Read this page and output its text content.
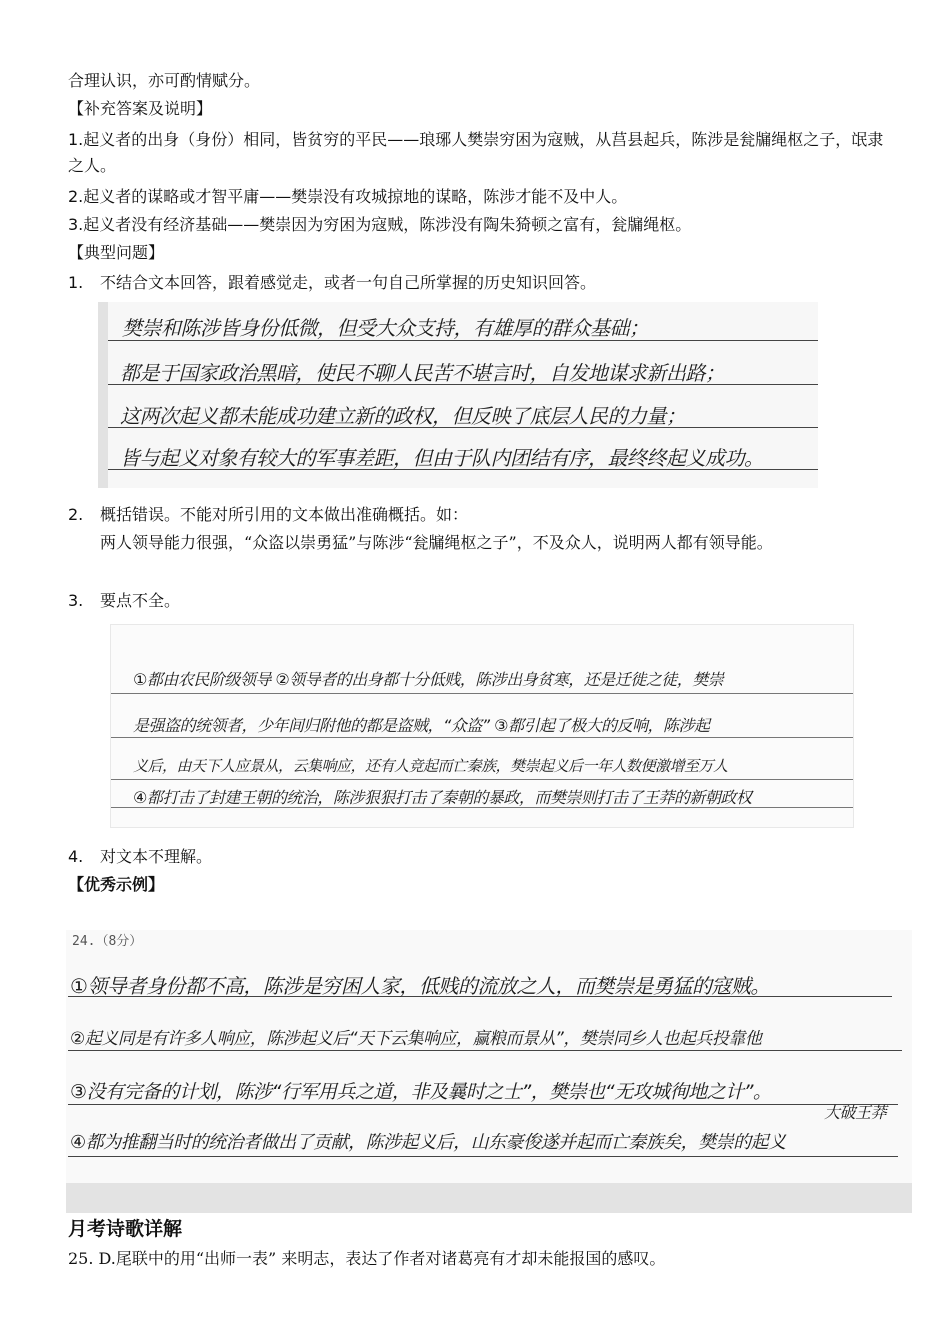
合理认识，亦可酌情赋分。
【补充答案及说明】
1.起义者的出身（身份）相同，皆贫穷的平民——琅琊人樊崇穷困为寇贼，从莒县起兵，陈涉是瓮牖绳枢之子，氓隶之人。
2.起义者的谋略或才智平庸——樊崇没有攻城掠地的谋略，陈涉才能不及中人。
3.起义者没有经济基础——樊崇因为穷困为寇贼，陈涉没有陶朱猗顿之富有，瓮牖绳枢。
【典型问题】
1. 不结合文本回答，跟着感觉走，或者一句自己所掌握的历史知识回答。
樊崇和陈涉皆身份低微，但受大众支持，有雄厚的群众基础；
都是于国家政治黑暗，使民不聊人民苦不堪言时，自发地谋求新出路；
这两次起义都未能成功建立新的政权，但反映了底层人民的力量；
皆与起义对象有较大的军事差距，但由于队内团结有序，最终终起义成功。
2. 概括错误。不能对所引用的文本做出准确概括。如：
两人领导能力很强，“众盗以崇勇猛”与陈涉“瓮牖绳枢之子”，不及众人，说明两人都有领导能。
3. 要点不全。
①都由农民阶级领导 ②领导者的出身都十分低贱，陈涉出身贫寒，还是迁徙之徒，樊崇
是强盗的统领者，少年间归附他的都是盗贼，“众盗” ③都引起了极大的反响，陈涉起
义后，由天下人应景从，云集响应，还有人竞起而亡秦族，樊崇起义后一年人数便激增至万人
④都打击了封建王朝的统治，陈涉狠狠打击了秦朝的暴政，而樊崇则打击了王莽的新朝政权
4. 对文本不理解。
【优秀示例】
24.（8分）
①领导者身份都不高，陈涉是穷困人家，低贱的流放之人，而樊崇是勇猛的寇贼。
②起义同是有许多人响应，陈涉起义后“天下云集响应，赢粮而景从”，樊崇同乡人也起兵投靠他
③没有完备的计划，陈涉“行军用兵之道，非及曩时之士”，樊崇也“无攻城徇地之计”。
大破王莽
④都为推翻当时的统治者做出了贡献，陈涉起义后，山东豪俊遂并起而亡秦族矣，樊崇的起义
月考诗歌详解
25. D.尾联中的用“出师一表” 来明志，表达了作者对诸葛亮有才却未能报国的感叹。
